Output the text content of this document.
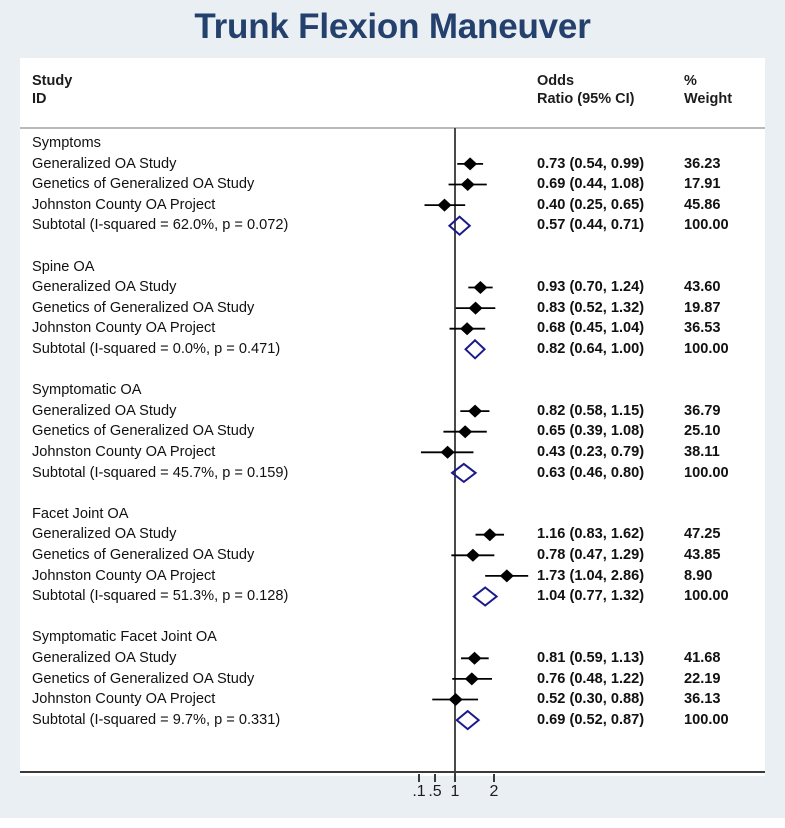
Trunk Flexion Maneuver
Study
ID
Odds
Ratio (95% CI)
%
Weight
Symptoms
Generalized OA Study	0.73 (0.54, 0.99)	36.23
Genetics of Generalized OA Study	0.69 (0.44, 1.08)	17.91
Johnston County OA Project	0.40 (0.25, 0.65)	45.86
Subtotal (I-squared = 62.0%, p = 0.072)	0.57 (0.44, 0.71)	100.00
Spine OA
Generalized OA Study	0.93 (0.70, 1.24)	43.60
Genetics of Generalized OA Study	0.83 (0.52, 1.32)	19.87
Johnston County OA Project	0.68 (0.45, 1.04)	36.53
Subtotal (I-squared = 0.0%, p = 0.471)	0.82 (0.64, 1.00)	100.00
Symptomatic OA
Generalized OA Study	0.82 (0.58, 1.15)	36.79
Genetics of Generalized OA Study	0.65 (0.39, 1.08)	25.10
Johnston County OA Project	0.43 (0.23, 0.79)	38.11
Subtotal (I-squared = 45.7%, p = 0.159)	0.63 (0.46, 0.80)	100.00
Facet Joint OA
Generalized OA Study	1.16 (0.83, 1.62)	47.25
Genetics of Generalized OA Study	0.78 (0.47, 1.29)	43.85
Johnston County OA Project	1.73 (1.04, 2.86)	8.90
Subtotal (I-squared = 51.3%, p = 0.128)	1.04 (0.77, 1.32)	100.00
Symptomatic Facet Joint OA
Generalized OA Study	0.81 (0.59, 1.13)	41.68
Genetics of Generalized OA Study	0.76 (0.48, 1.22)	22.19
Johnston County OA Project	0.52 (0.30, 0.88)	36.13
Subtotal (I-squared = 9.7%, p = 0.331)	0.69 (0.52, 0.87)	100.00
.1 .5 1 2
